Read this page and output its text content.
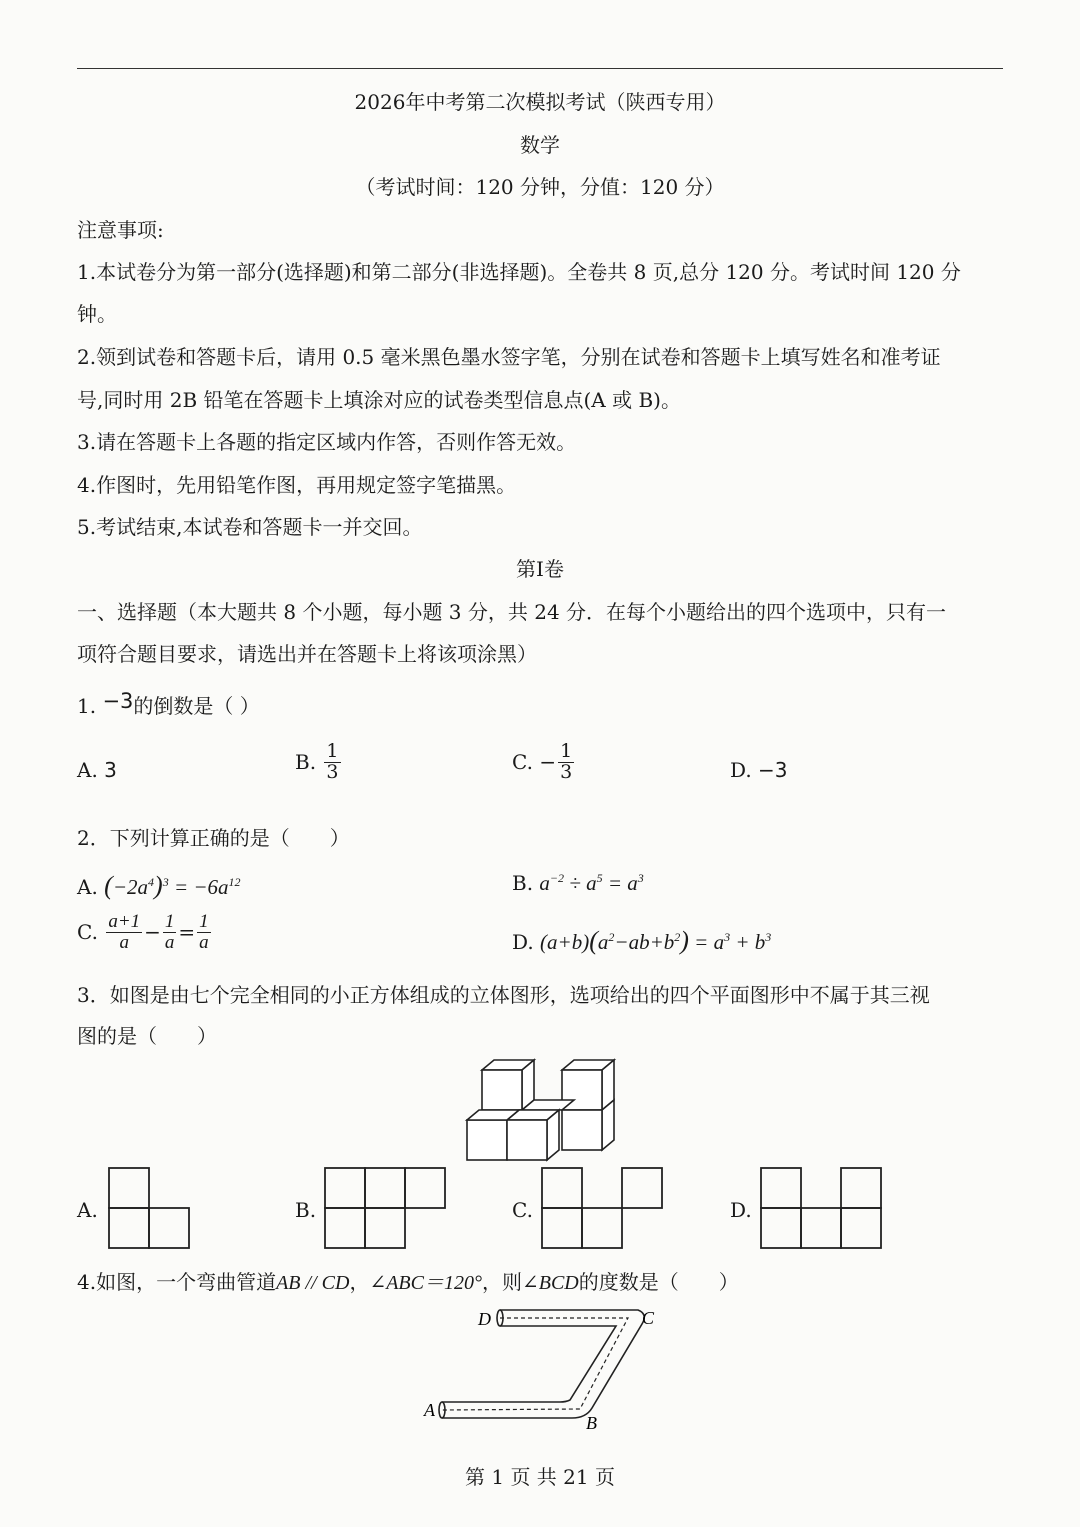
2026年中考第二次模拟考试（陕西专用）
数学
（考试时间：120 分钟，分值：120 分）
注意事项:
1.本试卷分为第一部分(选择题)和第二部分(非选择题)。全卷共 8 页,总分 120 分。考试时间 120 分
钟。
2.领到试卷和答题卡后，请用 0.5 毫米黑色墨水签字笔，分别在试卷和答题卡上填写姓名和准考证
号,同时用 2B 铅笔在答题卡上填涂对应的试卷类型信息点(A 或 B)。
3.请在答题卡上各题的指定区域内作答，否则作答无效。
4.作图时，先用铅笔作图，再用规定签字笔描黑。
5.考试结束,本试卷和答题卡一并交回。
第Ⅰ卷
一、选择题（本大题共 8 个小题，每小题 3 分，共 24 分．在每个小题给出的四个选项中，只有一
项符合题目要求，请选出并在答题卡上将该项涂黑）
1. −3的倒数是（ ）
A. 3	B.
$\frac{1}{3}$	C.
− $\frac{1}{3}$	D. −3
2．下列计算正确的是（　　）
A. $(-2a^4)^3 = -6a^{12}$	B. $a^{-2} \div a^5 = a^3$
C.
$\frac{a+1}{a} - \frac{1}{a} = \frac{1}{a}$	D. $(a+b)(a^2-ab+b^2) = a^3 + b^3$
3．如图是由七个完全相同的小正方体组成的立体图形，选项给出的四个平面图形中不属于其三视
图的是（　　）
A.	B.	C.	D.
4.如图，一个弯曲管道AB // CD，∠ABC＝120°，则∠BCD的度数是（　　）
D	C
A
B
第 1 页 共 21 页
